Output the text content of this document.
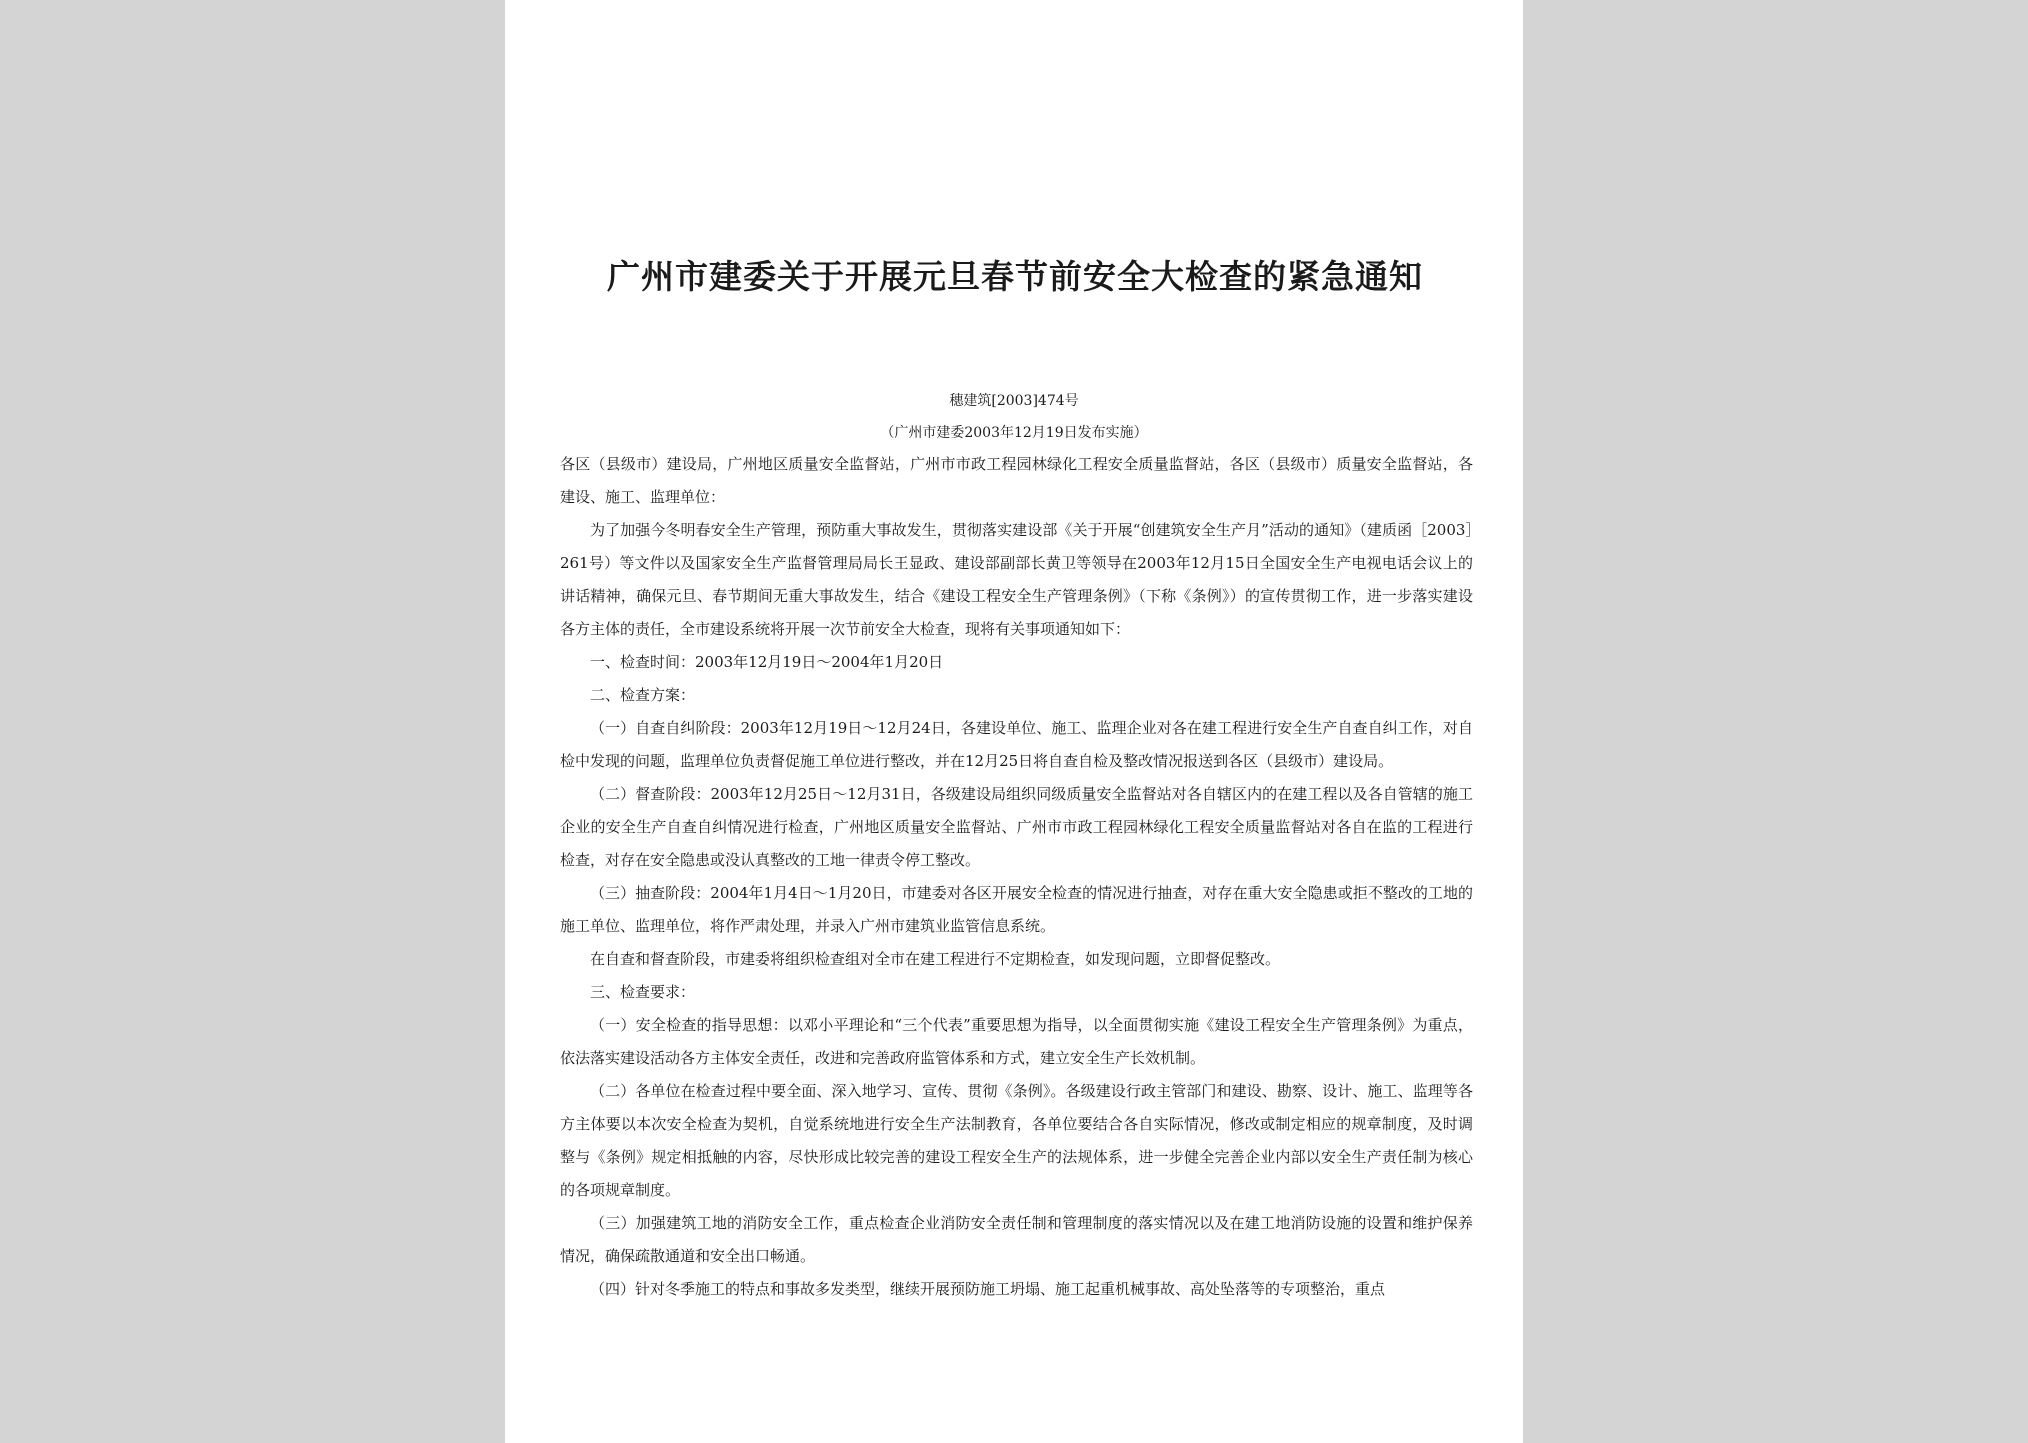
广州市建委关于开展元旦春节前安全大检查的紧急通知
穗建筑[2003]474号
（广州市建委2003年12月19日发布实施）

各区（县级市）建设局，广州地区质量安全监督站，广州市市政工程园林绿化工程安全质量监督站，各区（县级市）质量安全监督站，各建设、施工、监理单位：

为了加强今冬明春安全生产管理，预防重大事故发生，贯彻落实建设部《关于开展“创建筑安全生产月”活动的通知》（建质函［2003］261号）等文件以及国家安全生产监督管理局局长王显政、建设部副部长黄卫等领导在2003年12月15日全国安全生产电视电话会议上的讲话精神，确保元旦、春节期间无重大事故发生，结合《建设工程安全生产管理条例》（下称《条例》）的宣传贯彻工作，进一步落实建设各方主体的责任，全市建设系统将开展一次节前安全大检查，现将有关事项通知如下：

一、检查时间：2003年12月19日～2004年1月20日

二、检查方案：

（一）自查自纠阶段：2003年12月19日～12月24日，各建设单位、施工、监理企业对各在建工程进行安全生产自查自纠工作，对自检中发现的问题，监理单位负责督促施工单位进行整改，并在12月25日将自查自检及整改情况报送到各区（县级市）建设局。

（二）督查阶段：2003年12月25日～12月31日，各级建设局组织同级质量安全监督站对各自辖区内的在建工程以及各自管辖的施工企业的安全生产自查自纠情况进行检查，广州地区质量安全监督站、广州市市政工程园林绿化工程安全质量监督站对各自在监的工程进行检查，对存在安全隐患或没认真整改的工地一律责令停工整改。

（三）抽查阶段：2004年1月4日～1月20日，市建委对各区开展安全检查的情况进行抽查，对存在重大安全隐患或拒不整改的工地的施工单位、监理单位，将作严肃处理，并录入广州市建筑业监管信息系统。

在自查和督查阶段，市建委将组织检查组对全市在建工程进行不定期检查，如发现问题，立即督促整改。

三、检查要求：

（一）安全检查的指导思想：以邓小平理论和“三个代表”重要思想为指导，以全面贯彻实施《建设工程安全生产管理条例》为重点，依法落实建设活动各方主体安全责任，改进和完善政府监管体系和方式，建立安全生产长效机制。

（二）各单位在检查过程中要全面、深入地学习、宣传、贯彻《条例》。各级建设行政主管部门和建设、勘察、设计、施工、监理等各方主体要以本次安全检查为契机，自觉系统地进行安全生产法制教育，各单位要结合各自实际情况，修改或制定相应的规章制度，及时调整与《条例》规定相抵触的内容，尽快形成比较完善的建设工程安全生产的法规体系，进一步健全完善企业内部以安全生产责任制为核心的各项规章制度。

（三）加强建筑工地的消防安全工作，重点检查企业消防安全责任制和管理制度的落实情况以及在建工地消防设施的设置和维护保养情况，确保疏散通道和安全出口畅通。

（四）针对冬季施工的特点和事故多发类型，继续开展预防施工坍塌、施工起重机械事故、高处坠落等的专项整治，重点
